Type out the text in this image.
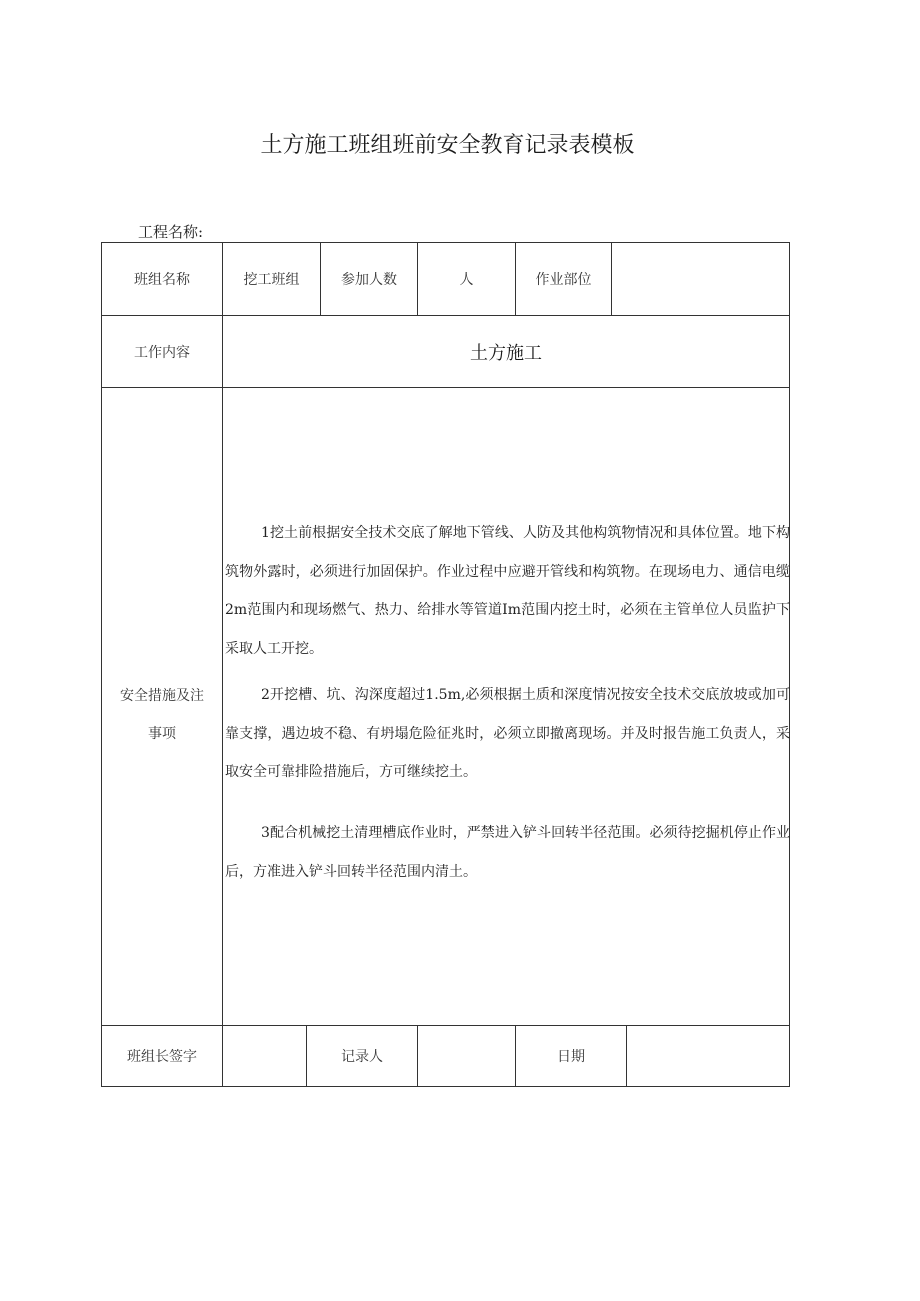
土方施工班组班前安全教育记录表模板
工程名称:
班组名称	挖工班组	参加人数	人	作业部位
工作内容	土方施工
安全措施及注
事项
1挖土前根据安全技术交底了解地下管线、人防及其他构筑物情况和具体位置。地下构筑物外露时，必须进行加固保护。作业过程中应避开管线和构筑物。在现场电力、通信电缆2m范围内和现场燃气、热力、给排水等管道Im范围内挖土时，必须在主管单位人员监护下采取人工开挖。
2开挖槽、坑、沟深度超过1.5m,必须根据土质和深度情况按安全技术交底放坡或加可靠支撑，遇边坡不稳、有坍塌危险征兆时，必须立即撤离现场。并及时报告施工负责人，采取安全可靠排险措施后，方可继续挖土。
3配合机械挖土清理槽底作业时，严禁进入铲斗回转半径范围。必须待挖掘机停止作业后，方准进入铲斗回转半径范围内清土。
班组长签字	记录人	日期
